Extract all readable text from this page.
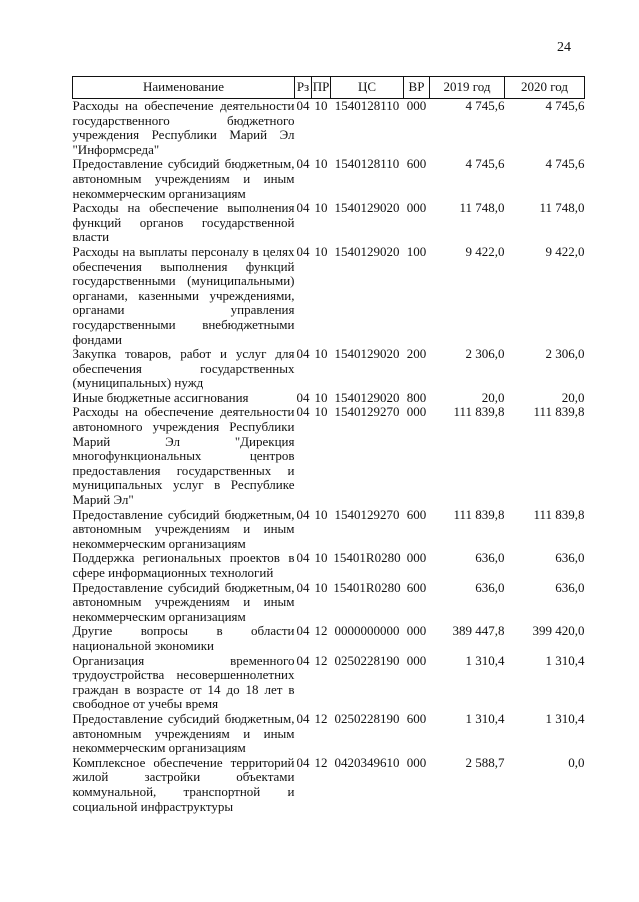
24
Наименование	Рз	ПР	ЦС	ВР	2019 год	2020 год
Расходы на обеспечение деятельности государственного бюджетного учреждения Республики Марий Эл "Информсреда"	04	10	1540128110	000	4 745,6	4 745,6
Предоставление субсидий бюджетным, автономным учреждениям и иным некоммерческим организациям	04	10	1540128110	600	4 745,6	4 745,6
Расходы на обеспечение выполнения функций органов государственной власти	04	10	1540129020	000	11 748,0	11 748,0
Расходы на выплаты персоналу в целях обеспечения выполнения функций государственными (муниципальными) органами, казенными учреждениями, органами управления государственными внебюджетными фондами	04	10	1540129020	100	9 422,0	9 422,0
Закупка товаров, работ и услуг для обеспечения государственных (муниципальных) нужд	04	10	1540129020	200	2 306,0	2 306,0
Иные бюджетные ассигнования	04	10	1540129020	800	20,0	20,0
Расходы на обеспечение деятельности автономного учреждения Республики Марий Эл "Дирекция многофункциональных центров предоставления государственных и муниципальных услуг в Республике Марий Эл"	04	10	1540129270	000	111 839,8	111 839,8
Предоставление субсидий бюджетным, автономным учреждениям и иным некоммерческим организациям	04	10	1540129270	600	111 839,8	111 839,8
Поддержка региональных проектов в сфере информационных технологий	04	10	15401R0280	000	636,0	636,0
Предоставление субсидий бюджетным, автономным учреждениям и иным некоммерческим организациям	04	10	15401R0280	600	636,0	636,0
Другие вопросы в области национальной экономики	04	12	0000000000	000	389 447,8	399 420,0
Организация временного трудоустройства несовершеннолетних граждан в возрасте от 14 до 18 лет в свободное от учебы время	04	12	0250228190	000	1 310,4	1 310,4
Предоставление субсидий бюджетным, автономным учреждениям и иным некоммерческим организациям	04	12	0250228190	600	1 310,4	1 310,4
Комплексное обеспечение территорий жилой застройки объектами коммунальной, транспортной и социальной инфраструктуры	04	12	0420349610	000	2 588,7	0,0
